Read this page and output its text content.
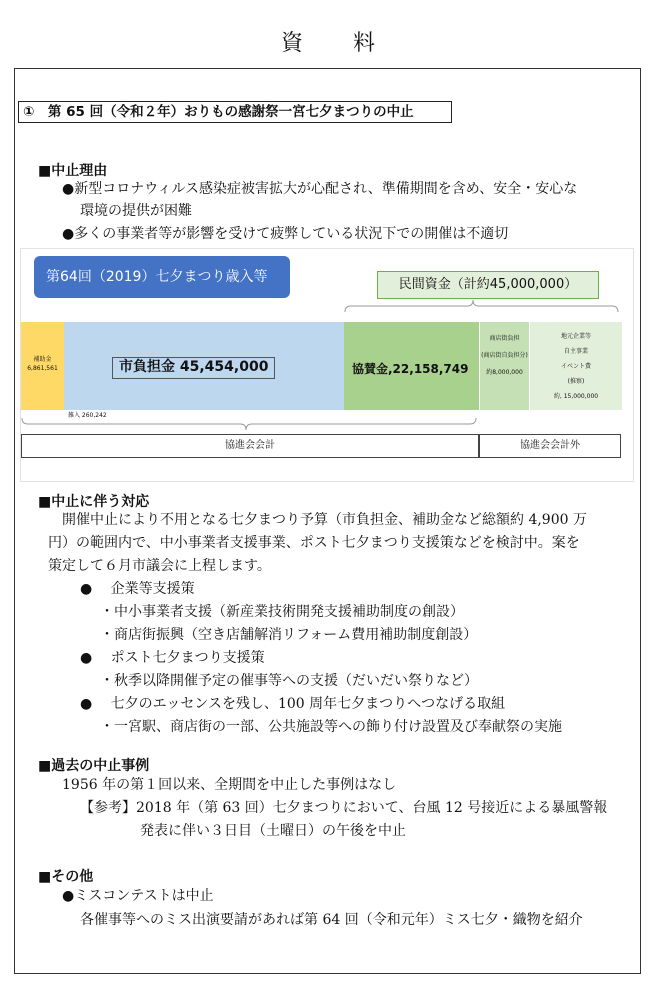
資　　料
①　第 65 回（令和２年）おりもの感謝祭一宮七夕まつりの中止
■中止理由
●新型コロナウィルス感染症被害拡大が心配され、準備期間を含め、安全・安心な
環境の提供が困難
●多くの事業者等が影響を受けて疲弊している状況下での開催は不適切
第64回（2019）七夕まつり歳入等	民間資金（計約45,000,000）
補助金
6,861,561	市負担金 45,454,000	協賛金,22,158,749
商店街負担
(商店街自負担分)
約8,000,000
地元企業等
自主事業
イベント費
(推察)
約, 15,000,000
雑入 260,242
協進会会計	協進会会計外
■中止に伴う対応
開催中止により不用となる七夕まつり予算（市負担金、補助金など総額約 4,900 万
円）の範囲内で、中小事業者支援事業、ポスト七夕まつり支援策などを検討中。案を
策定して６月市議会に上程します。
●　 企業等支援策
・中小事業者支援（新産業技術開発支援補助制度の創設）
・商店街振興（空き店舗解消リフォーム費用補助制度創設）
●　 ポスト七夕まつり支援策
・秋季以降開催予定の催事等への支援（だいだい祭りなど）
●　 七夕のエッセンスを残し、100 周年七夕まつりへつなげる取組
・一宮駅、商店街の一部、公共施設等への飾り付け設置及び奉献祭の実施
■過去の中止事例
1956 年の第１回以来、全期間を中止した事例はなし
【参考】2018 年（第 63 回）七夕まつりにおいて、台風 12 号接近による暴風警報
発表に伴い３日目（土曜日）の午後を中止
■その他
●ミスコンテストは中止
各催事等へのミス出演要請があれば第 64 回（令和元年）ミス七夕・織物を紹介
